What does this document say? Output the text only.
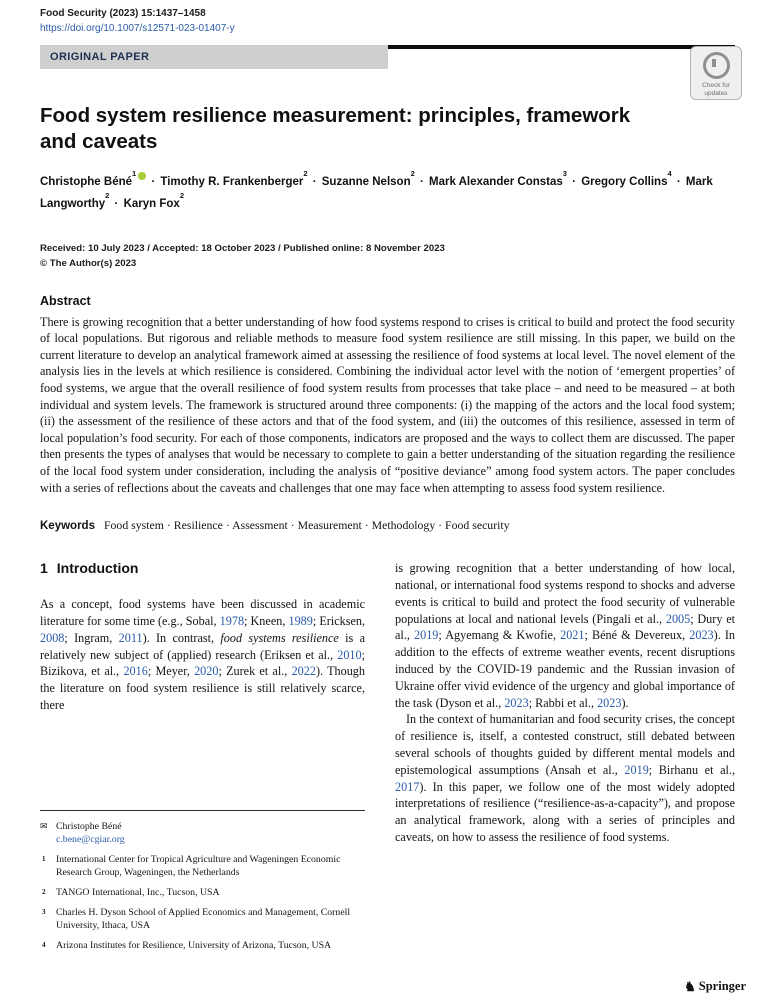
Food Security (2023) 15:1437–1458
https://doi.org/10.1007/s12571-023-01407-y
ORIGINAL PAPER
Check for
updates
Food system resilience measurement: principles, framework and caveats
Christophe Béné$^1$ · Timothy R. Frankenberger$^2$ · Suzanne Nelson$^2$ · Mark Alexander Constas$^3$ · Gregory Collins$^4$ · Mark Langworthy$^2$ · Karyn Fox$^2$
Received: 10 July 2023 / Accepted: 18 October 2023 / Published online: 8 November 2023
© The Author(s) 2023
Abstract

There is growing recognition that a better understanding of how food systems respond to crises is critical to build and protect the food security of local populations. But rigorous and reliable methods to measure food system resilience are still missing. In this paper, we build on the current literature to develop an analytical framework aimed at assessing the resilience of food systems at local level. The novel element of the analysis lies in the levels at which resilience is considered. Combining the individual actor level with the notion of ‘emergent properties’ of food systems, we argue that the overall resilience of food system results from processes that take place – and need to be measured – at both individual and system levels. The framework is structured around three components: (i) the mapping of the actors and the local food system; (ii) the assessment of the resilience of these actors and that of the food system, and (iii) the outcomes of this resilience, assessed in term of local population’s food security. For each of those components, indicators are proposed and the ways to collect them are discussed. The paper then presents the types of analyses that would be necessary to complete to gain a better understanding of the situation regarding the resilience of the local food system under consideration, including the analysis of “positive deviance” among food system actors. The paper concludes with a series of reflections about the caveats and challenges that one may face when attempting to assess food system resilience.

Keywords Food system · Resilience · Assessment · Measurement · Methodology · Food security
1 Introduction

As a concept, food systems have been discussed in academic literature for some time (e.g., Sobal, 1978; Kneen, 1989; Ericksen, 2008; Ingram, 2011). In contrast, food systems resilience is a relatively new subject of (applied) research (Eriksen et al., 2010; Bizikova, et al., 2016; Meyer, 2020; Zurek et al., 2022). Though the literature on food system resilience is still relatively scarce, there

✉ Christophe Béné
c.bene@cgiar.org
1 International Center for Tropical Agriculture and Wageningen Economic Research Group, Wageningen, the Netherlands
2 TANGO International, Inc., Tucson, USA
3 Charles H. Dyson School of Applied Economics and Management, Cornell University, Ithaca, USA
4 Arizona Institutes for Resilience, University of Arizona, Tucson, USA

is growing recognition that a better understanding of how local, national, or international food systems respond to shocks and adverse events is critical to build and protect the food security of vulnerable populations at local and national levels (Pingali et al., 2005; Dury et al., 2019; Agyemang & Kwofie, 2021; Béné & Devereux, 2023). In addition to the effects of extreme weather events, recent disruptions induced by the COVID-19 pandemic and the Russian invasion of Ukraine offer vivid evidence of the urgency and global importance of the task (Dyson et al., 2023; Rabbi et al., 2023).

In the context of humanitarian and food security crises, the concept of resilience is, itself, a contested construct, still debated between several schools of thoughts guided by different mental models and epistemological assumptions (Ansah et al., 2019; Birhanu et al., 2017). In this paper, we follow one of the most widely adopted interpretations of resilience (“resilience-as-a-capacity”), and propose an analytical framework, along with a series of principles and caveats, on how to assess the resilience of food systems.

♞ Springer
